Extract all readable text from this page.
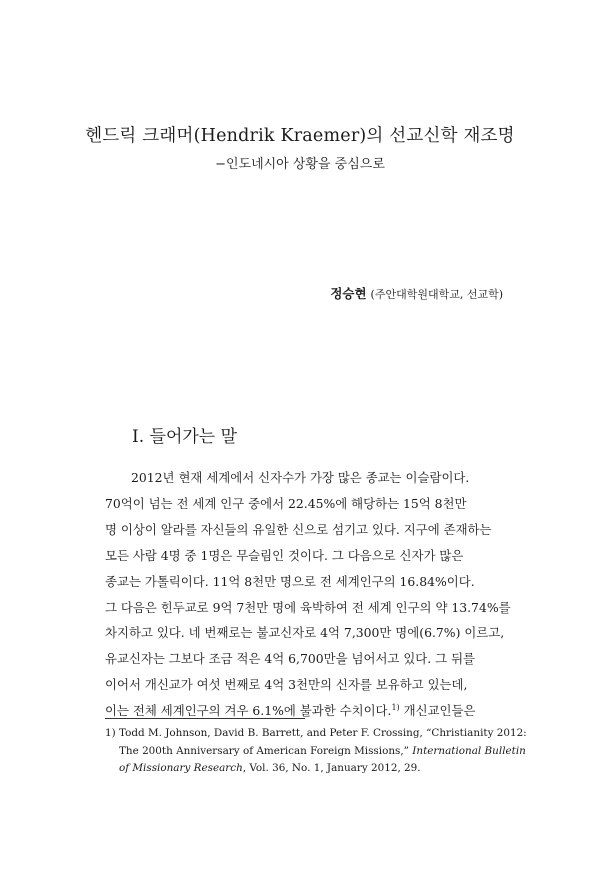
헨드릭 크래머(Hendrik Kraemer)의 선교신학 재조명
−인도네시아 상황을 중심으로
정승현 (주안대학원대학교, 선교학)
I. 들어가는 말
2012년 현재 세계에서 신자수가 가장 많은 종교는 이슬람이다.
70억이 넘는 전 세계 인구 중에서 22.45%에 해당하는 15억 8천만
명 이상이 알라를 자신들의 유일한 신으로 섬기고 있다. 지구에 존재하는
모든 사람 4명 중 1명은 무슬림인 것이다. 그 다음으로 신자가 많은
종교는 가톨릭이다. 11억 8천만 명으로 전 세계인구의 16.84%이다.
그 다음은 힌두교로 9억 7천만 명에 육박하여 전 세계 인구의 약 13.74%를
차지하고 있다. 네 번째로는 불교신자로 4억 7,300만 명에(6.7%) 이르고,
유교신자는 그보다 조금 적은 4억 6,700만을 넘어서고 있다. 그 뒤를
이어서 개신교가 여섯 번째로 4억 3천만의 신자를 보유하고 있는데,
이는 전체 세계인구의 겨우 6.1%에 불과한 수치이다.$^{1)}$ 개신교인들은
1) Todd M. Johnson, David B. Barrett, and Peter F. Crossing, “Christianity 2012:
The 200th Anniversary of American Foreign Missions,” International Bulletin
of Missionary Research, Vol. 36, No. 1, January 2012, 29.
